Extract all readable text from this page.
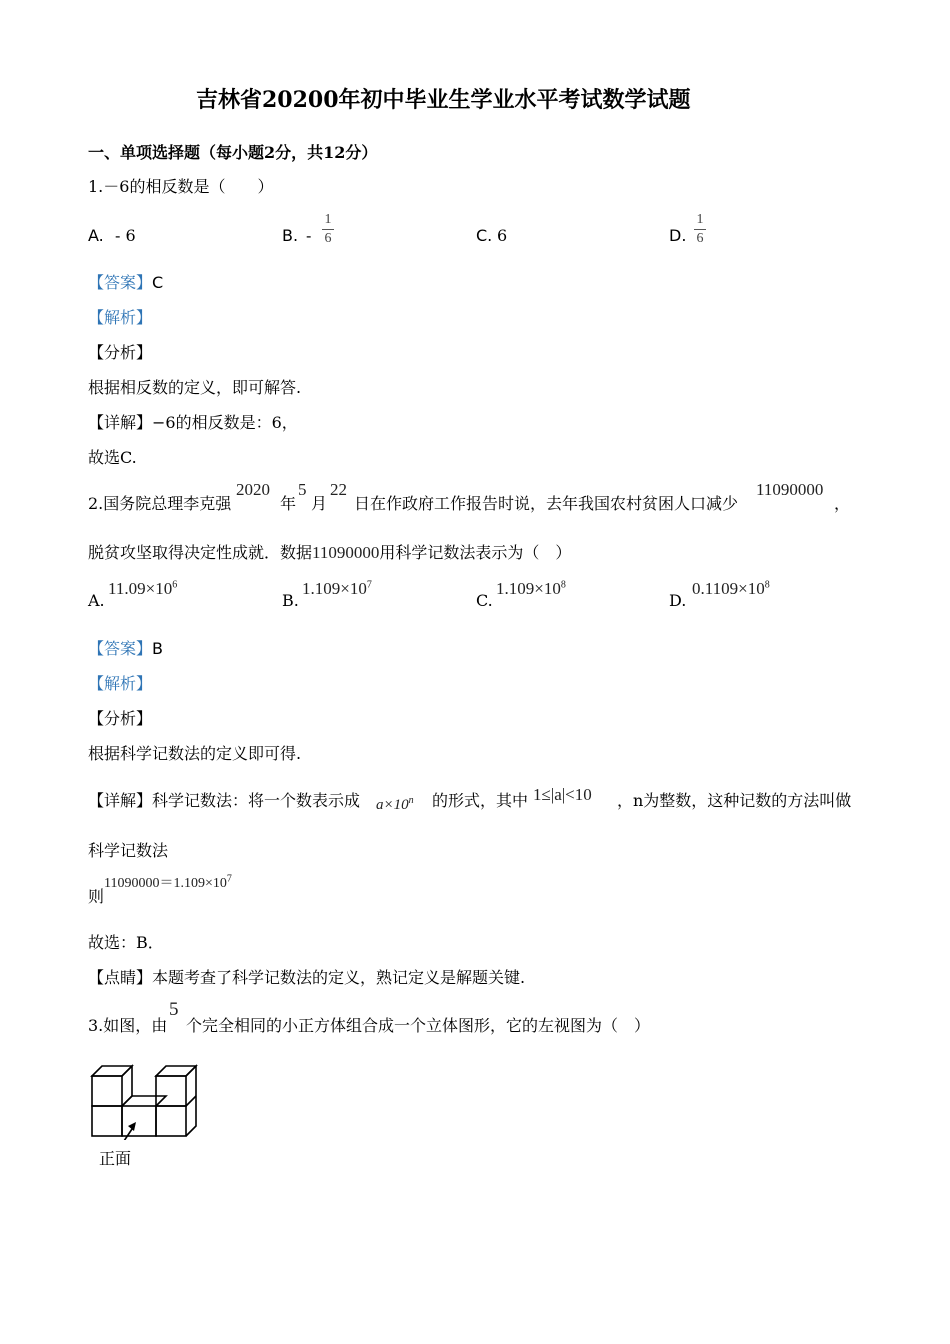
吉林省20200年初中毕业生学业水平考试数学试题
一、单项选择题（每小题2分，共12分）
1.－6的相反数是（　　）
A. - 6	B. -
1
6	C. 6	D.
1
6
【答案】C
【解析】
【分析】
根据相反数的定义，即可解答.
【详解】−6的相反数是：6，
故选C.
2.国务院总理李克强
2020
年
5
月
22
日在作政府工作报告时说，去年我国农村贫困人口减少
11090000
，
脱贫攻坚取得决定性成就．数据11090000用科学记数法表示为（　）
A.
$11.09\times 10^6$
B.
$1.109\times 10^7$
C.
$1.109\times 10^8$
D.
$0.1109\times 10^8$
【答案】B
【解析】
【分析】
根据科学记数法的定义即可得.
【详解】 科学记数法：将一个数表示成 $a\times 10^n$ 的形式，其中 1≤|a|<10 ，n为整数，这种记数的方法叫做
科学记数法
则
$11090000=1.109\times 10^7$
故选：B．
【点睛】本题考查了科学记数法的定义，熟记定义是解题关键.
3.如图，由
5
个完全相同的小正方体组合成一个立体图形，它的左视图为（　）
正面
